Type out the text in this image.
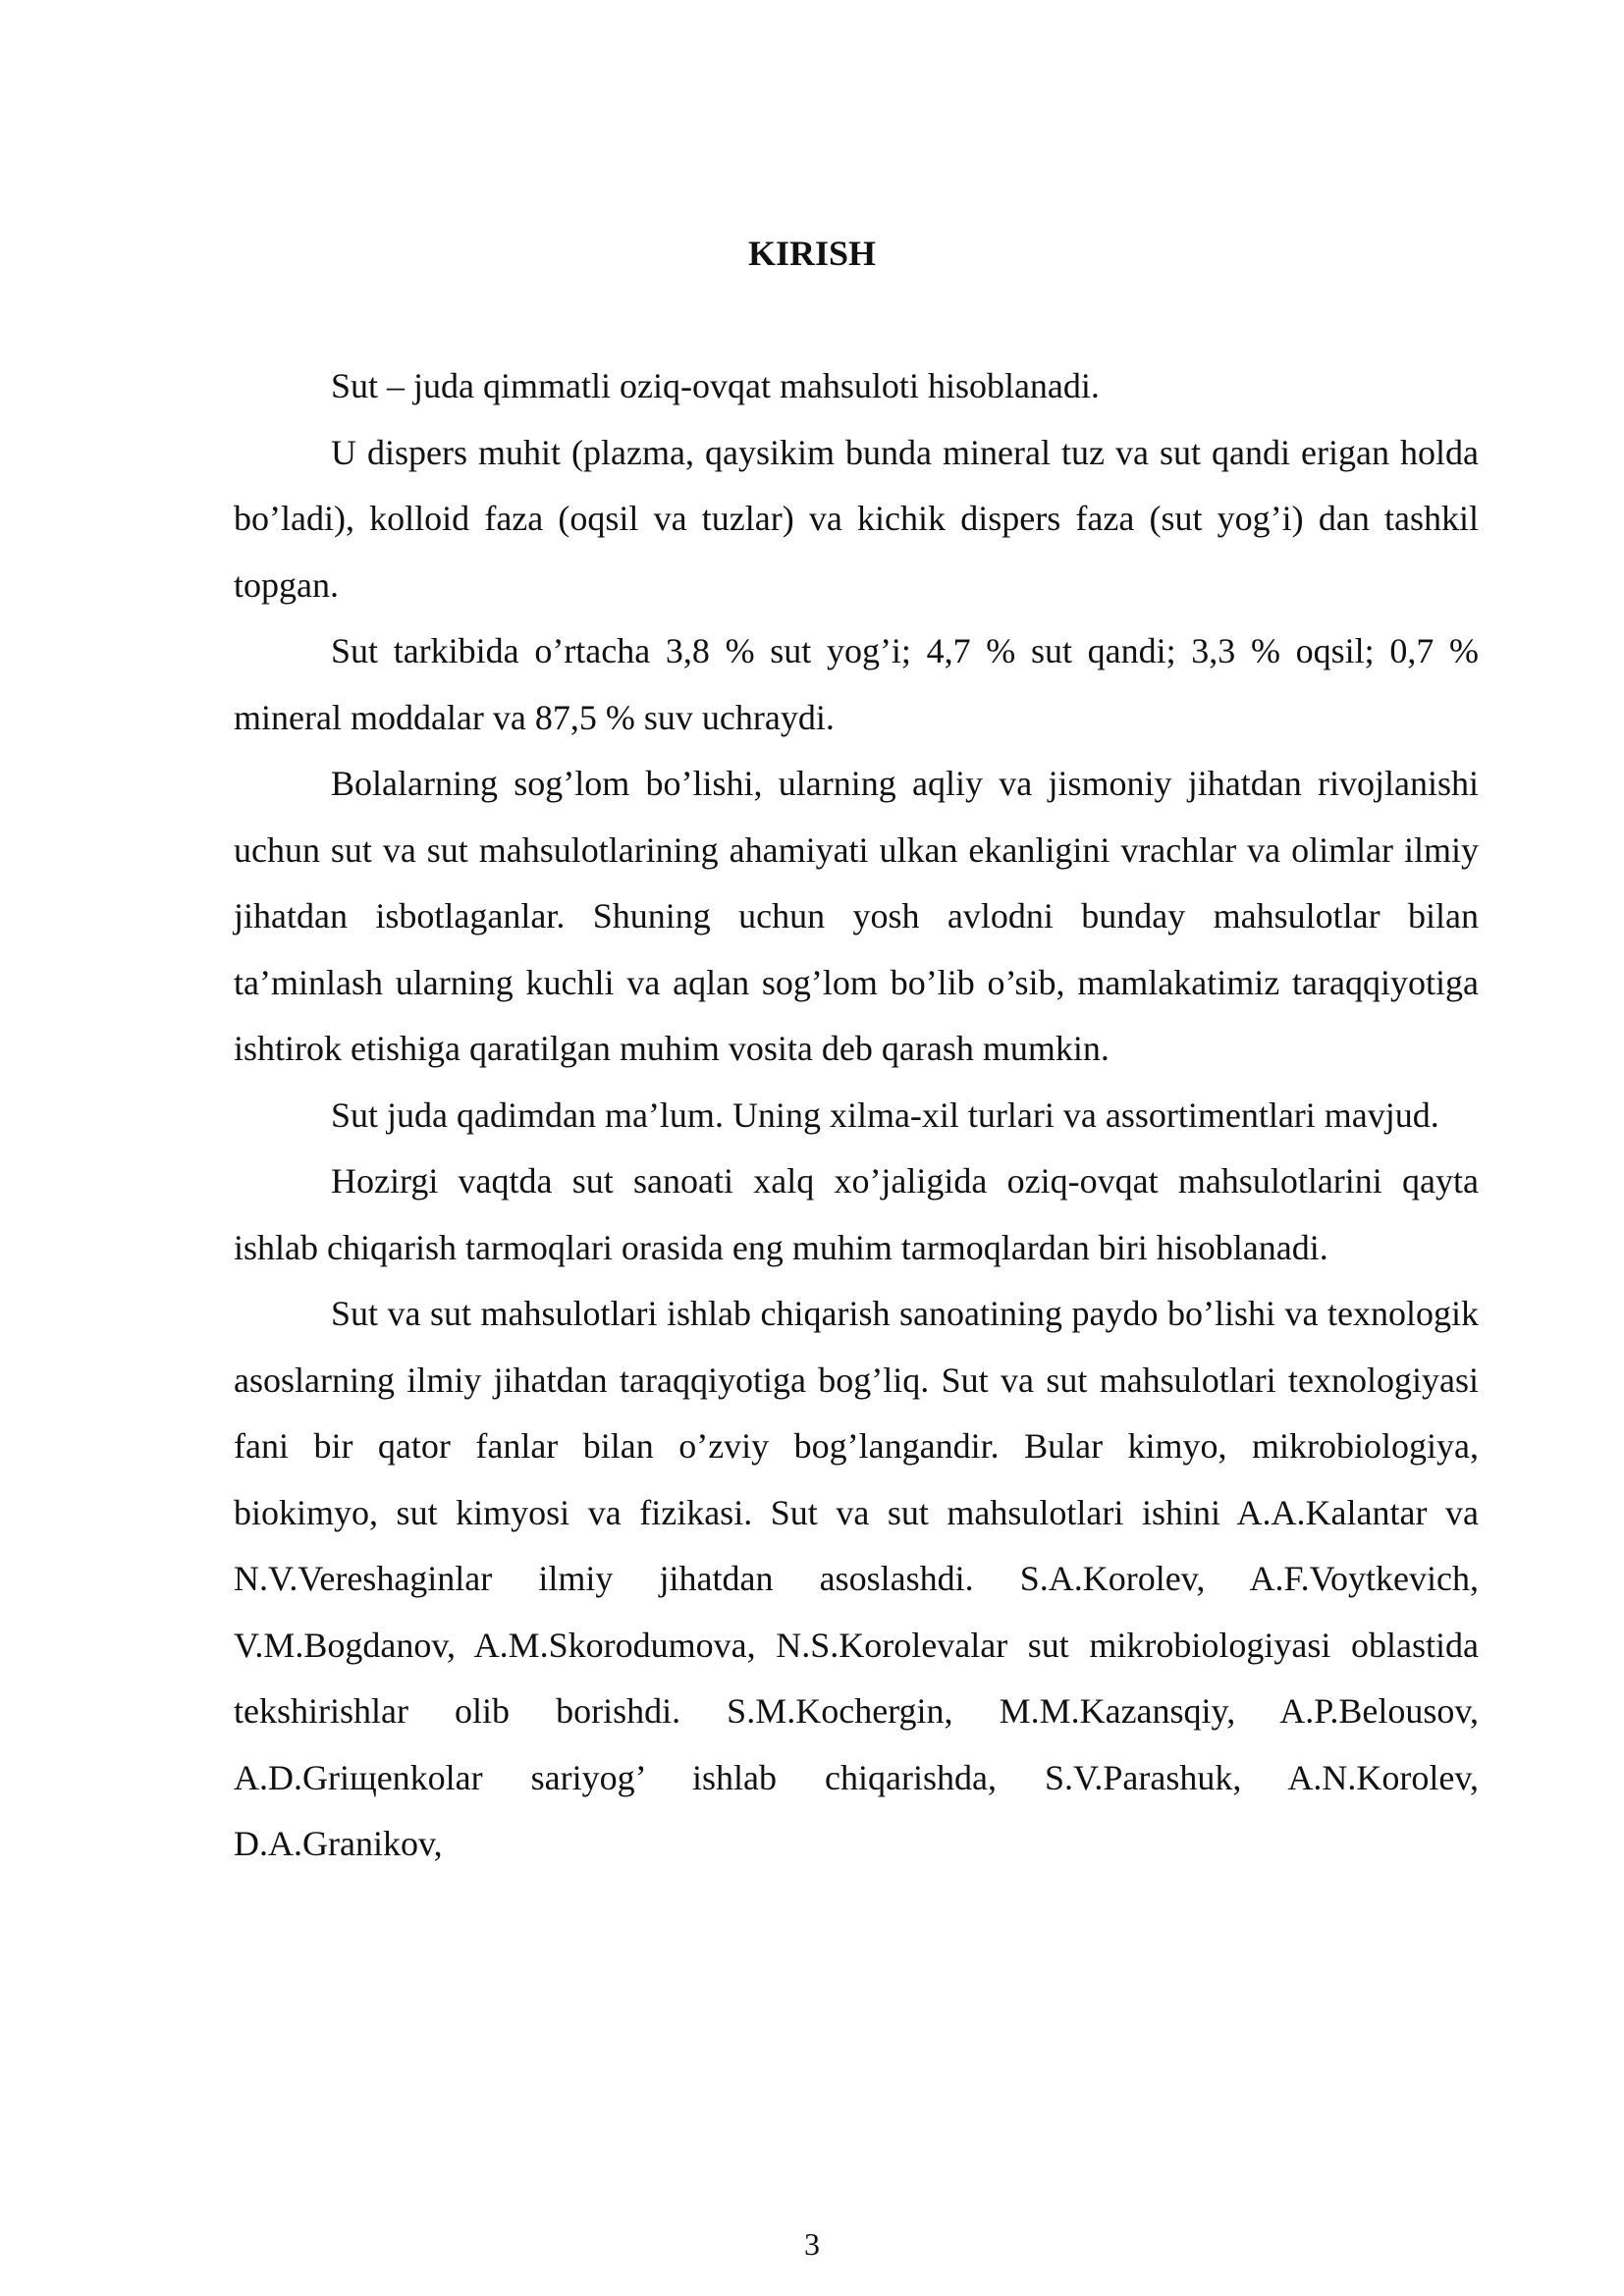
KIRISH

Sut – juda qimmatli oziq-ovqat mahsuloti hisoblanadi.

U dispers muhit (plazma, qaysikim bunda mineral tuz va sut qandi erigan holda bo’ladi), kolloid faza (oqsil va tuzlar) va kichik dispers faza (sut yog’i) dan tashkil topgan.

Sut tarkibida o’rtacha 3,8 % sut yog’i; 4,7 % sut qandi; 3,3 % oqsil; 0,7 % mineral moddalar va 87,5 % suv uchraydi.

Bolalarning sog’lom bo’lishi, ularning aqliy va jismoniy jihatdan rivojlanishi uchun sut va sut mahsulotlarining ahamiyati ulkan ekanligini vrachlar va olimlar ilmiy jihatdan isbotlaganlar. Shuning uchun yosh avlodni bunday mahsulotlar bilan ta’minlash ularning kuchli va aqlan sog’lom bo’lib o’sib, mamlakatimiz taraqqiyotiga ishtirok etishiga qaratilgan muhim vosita deb qarash mumkin.

Sut juda qadimdan ma’lum. Uning xilma-xil turlari va assortimentlari mavjud.

Hozirgi vaqtda sut sanoati xalq xo’jaligida oziq-ovqat mahsulotlarini qayta ishlab chiqarish tarmoqlari orasida eng muhim tarmoqlardan biri hisoblanadi.

Sut va sut mahsulotlari ishlab chiqarish sanoatining paydo bo’lishi va texnologik asoslarning ilmiy jihatdan taraqqiyotiga bog’liq. Sut va sut mahsulotlari texnologiyasi fani bir qator fanlar bilan o’zviy bog’langandir. Bular kimyo, mikrobiologiya, biokimyo, sut kimyosi va fizikasi. Sut va sut mahsulotlari ishini A.A.Kalantar va N.V.Vereshaginlar ilmiy jihatdan asoslashdi. S.A.Korolev, A.F.Voytkevich, V.M.Bogdanov, A.M.Skorodumova, N.S.Korolevalar sut mikrobiologiyasi oblastida tekshirishlar olib borishdi. S.M.Kochergin, M.M.Kazansqiy, A.P.Belousov, A.D.Griщenkolar sariyog’ ishlab chiqarishda, S.V.Parashuk, A.N.Korolev, D.A.Granikov,

3
